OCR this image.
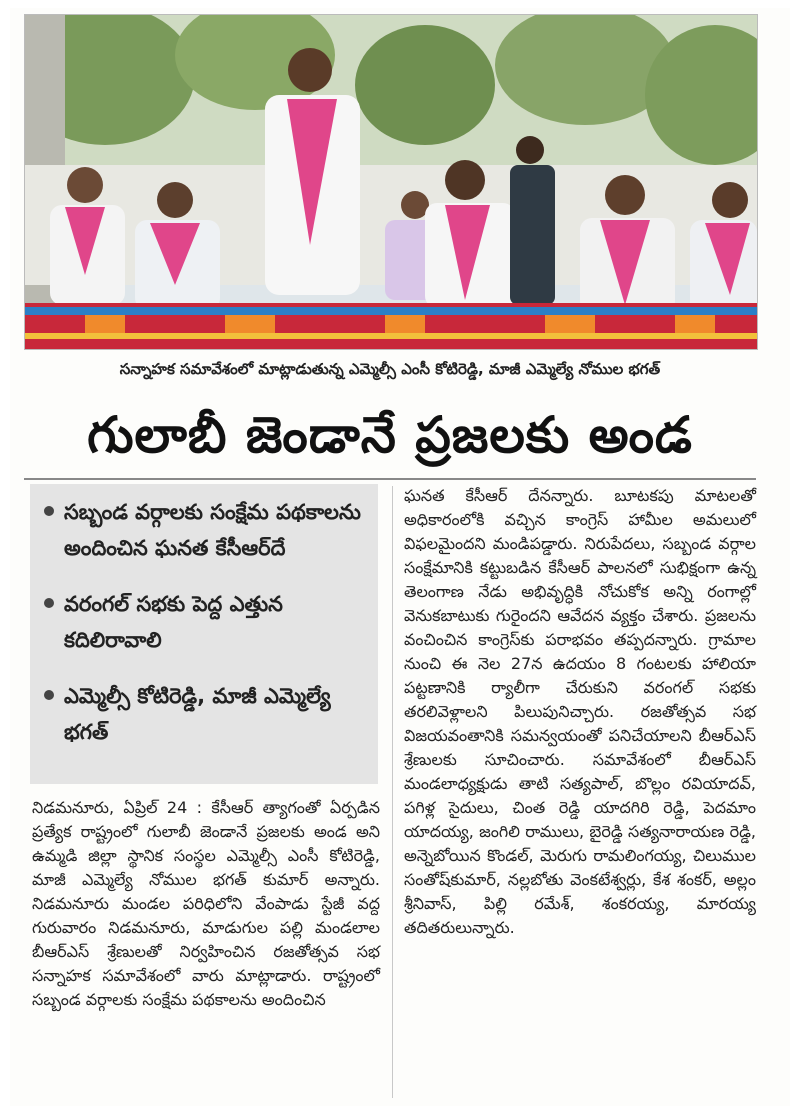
సన్నాహక సమావేశంలో మాట్లాడుతున్న ఎమ్మెల్సీ ఎంసీ కోటిరెడ్డి, మాజీ ఎమ్మెల్యే నోముల భగత్
గులాబీ జెండానే ప్రజలకు అండ
సబ్బండ వర్గాలకు సంక్షేమ పథకాలను అందించిన ఘనత కేసీఆర్‌దే
వరంగల్ సభకు పెద్ద ఎత్తున కదిలిరావాలి
ఎమ్మెల్సీ కోటిరెడ్డి, మాజీ ఎమ్మెల్యే భగత్

నిడమనూరు, ఏప్రిల్ 24 : కేసీఆర్ త్యాగంతో ఏర్పడిన ప్రత్యేక రాష్ట్రంలో గులాబీ జెండానే ప్రజలకు అండ అని ఉమ్మడి జిల్లా స్థానిక సంస్థల ఎమ్మెల్సీ ఎంసీ కోటిరెడ్డి, మాజీ ఎమ్మెల్యే నోముల భగత్ కుమార్ అన్నారు. నిడమనూరు మండల పరిధిలోని వేంపాడు స్టేజీ వద్ద గురువారం నిడమనూరు, మాడుగుల పల్లి మండలాల బీఆర్ఎస్ శ్రేణులతో నిర్వహించిన రజతోత్సవ సభ సన్నాహక సమావేశంలో వారు మాట్లాడారు. రాష్ట్రంలో సబ్బండ వర్గాలకు సంక్షేమ పథకాలను అందించిన

ఘనత కేసీఆర్ దేనన్నారు. బూటకపు మాటలతో అధికారంలోకి వచ్చిన కాంగ్రెస్ హామీల అమలులో విఫలమైందని మండిపడ్డారు. నిరుపేదలు, సబ్బండ వర్గాల సంక్షేమానికి కట్టుబడిన కేసీఆర్ పాలనలో సుభిక్షంగా ఉన్న తెలంగాణ నేడు అభివృద్ధికి నోచుకోక అన్ని రంగాల్లో వెనుకబాటుకు గురైందని ఆవేదన వ్యక్తం చేశారు. ప్రజలను వంచించిన కాంగ్రెస్‌కు పరాభవం తప్పదన్నారు. గ్రామాల నుంచి ఈ నెల 27న ఉదయం 8 గంటలకు హాలియా పట్టణానికి ర్యాలీగా చేరుకుని వరంగల్ సభకు తరలివెళ్లాలని పిలుపునిచ్చారు. రజతోత్సవ సభ విజయవంతానికి సమన్వయంతో పనిచేయాలని బీఆర్ఎస్ శ్రేణులకు సూచించారు. సమావేశంలో బీఆర్ఎస్ మండలాధ్యక్షుడు తాటి సత్యపాల్, బొల్లం రవియాదవ్, పగిళ్ల సైదులు, చింత రెడ్డి యాదగిరి రెడ్డి, పెదమాం యాదయ్య, జంగిలి రాములు, బైరెడ్డి సత్యనారాయణ రెడ్డి, అన్నెబోయిన కొండల్, మెరుగు రామలింగయ్య, చిలుముల సంతోష్‌కుమార్, నల్లబోతు వెంకటేశ్వర్లు, కేశ శంకర్, అల్లం శ్రీనివాస్, పిల్లి రమేశ్, శంకరయ్య, మారయ్య తదితరులున్నారు.
